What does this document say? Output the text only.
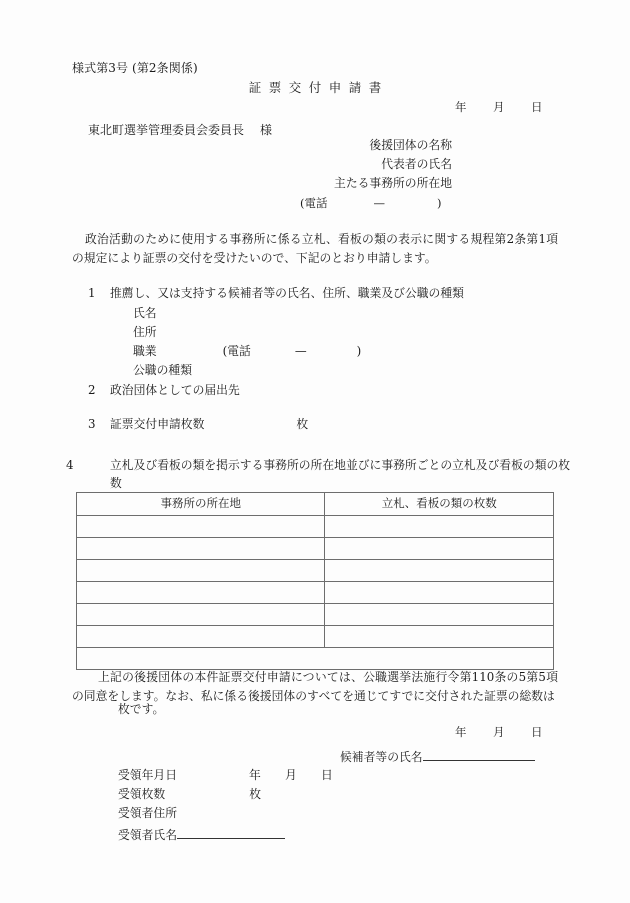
様式第3号 (第2条関係)
証票交付申請書
年 月 日
東北町選挙管理委員会委員長 様
後援団体の名称
代表者の氏名
主たる事務所の所在地
(電話	—	)
政治活動のために使用する事務所に係る立札、看板の類の表示に関する規程第2条第1項の規定により証票の交付を受けたいので、下記のとおり申請します。
1 推薦し、又は支持する候補者等の氏名、住所、職業及び公職の種類
氏名
住所
職業	(電話	—	)
公職の種類
2 政治団体としての届出先
3 証票交付申請枚数	枚
4	立札及び看板の類を掲示する事務所の所在地並びに事務所ごとの立札及び看板の類の枚数
事務所の所在地	立札、看板の類の枚数

上記の後援団体の本件証票交付申請については、公職選挙法施行令第110条の5第5項の同意をします。なお、私に係る後援団体のすべてを通じてすでに交付された証票の総数は
枚です。
年 月 日
候補者等の氏名
受領年月日	年 月 日
受領枚数	枚
受領者住所
受領者氏名
